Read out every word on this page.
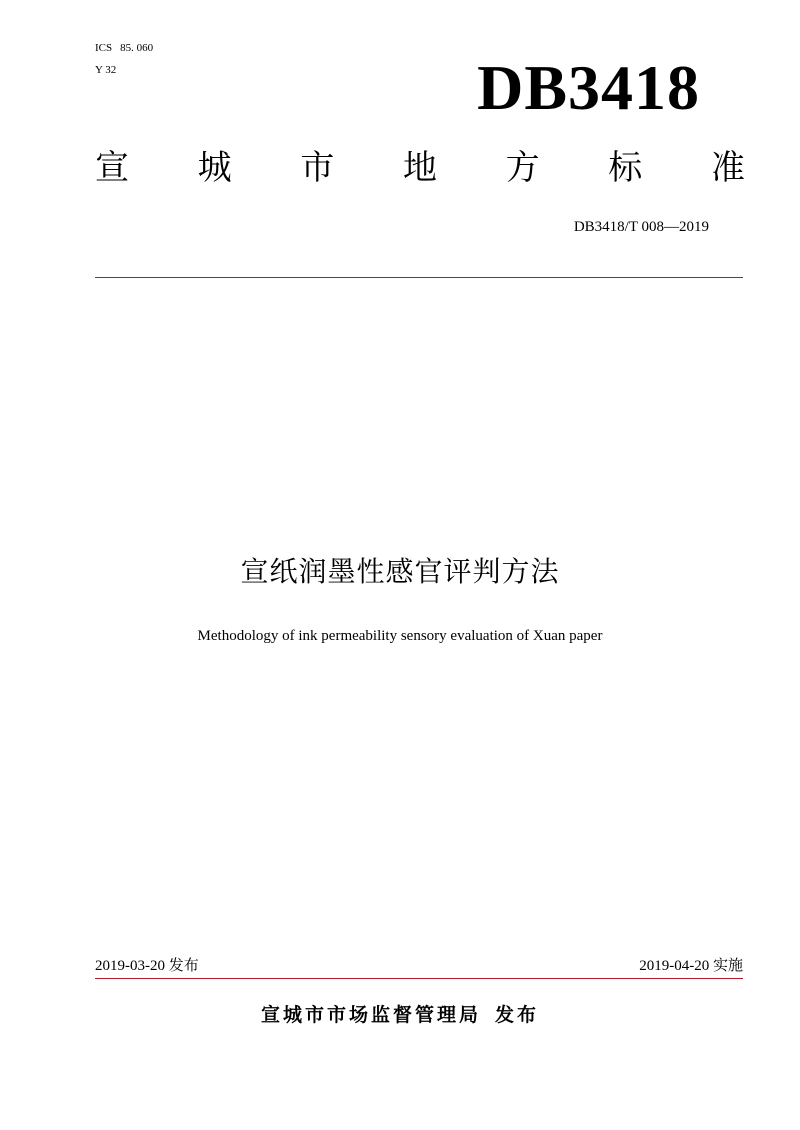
ICS 85. 060
Y 32	DB3418
宣 城 市 地 方 标 准
DB3418/T 008—2019
宣纸润墨性感官评判方法
Methodology of ink permeability sensory evaluation of Xuan paper
2019-03-20 发布	2019-04-20 实施
宣城市市场监督管理局 发布
